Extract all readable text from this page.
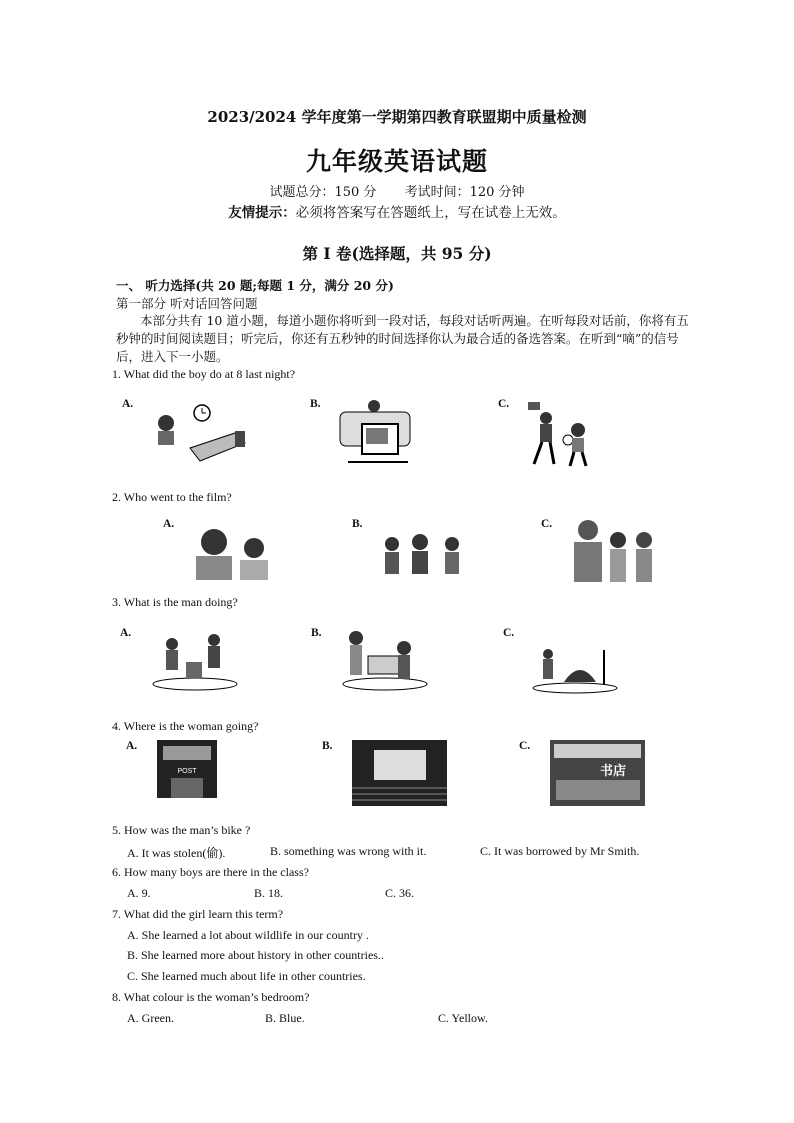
2023/2024 学年度第一学期第四教育联盟期中质量检测
九年级英语试题
试题总分：150 分 考试时间：120 分钟
友情提示：必须将答案写在答题纸上，写在试卷上无效。
第 I 卷(选择题，共 95 分)
一、 听力选择(共 20 题;每题 1 分，满分 20 分)
第一部分 听对话回答问题
本部分共有 10 道小题，每道小题你将听到一段对话，每段对话听两遍。在听每段对话前，你将有五秒钟的时间阅读题目；听完后，你还有五秒钟的时间选择你认为最合适的备选答案。在听到“嘀”的信号后，进入下一小题。
1. What did the boy do at 8 last night?
A.	B.	C.
2. Who went to the film?
A.	B.	C.
3. What is the man doing?
A.	B.	C.
4. Where is the woman going?
A.
POST
B.	C.
书店
5. How was the man’s bike ?
A. It was stolen(偷).	B. something was wrong with it.	C. It was borrowed by Mr Smith.
6. How many boys are there in the class?
A. 9.	B. 18.	C. 36.
7. What did the girl learn this term?
A. She learned a lot about wildlife in our country .
B. She learned more about history in other countries..
C. She learned much about life in other countries.
8. What colour is the woman’s bedroom?
A. Green.	B. Blue.	C. Yellow.
